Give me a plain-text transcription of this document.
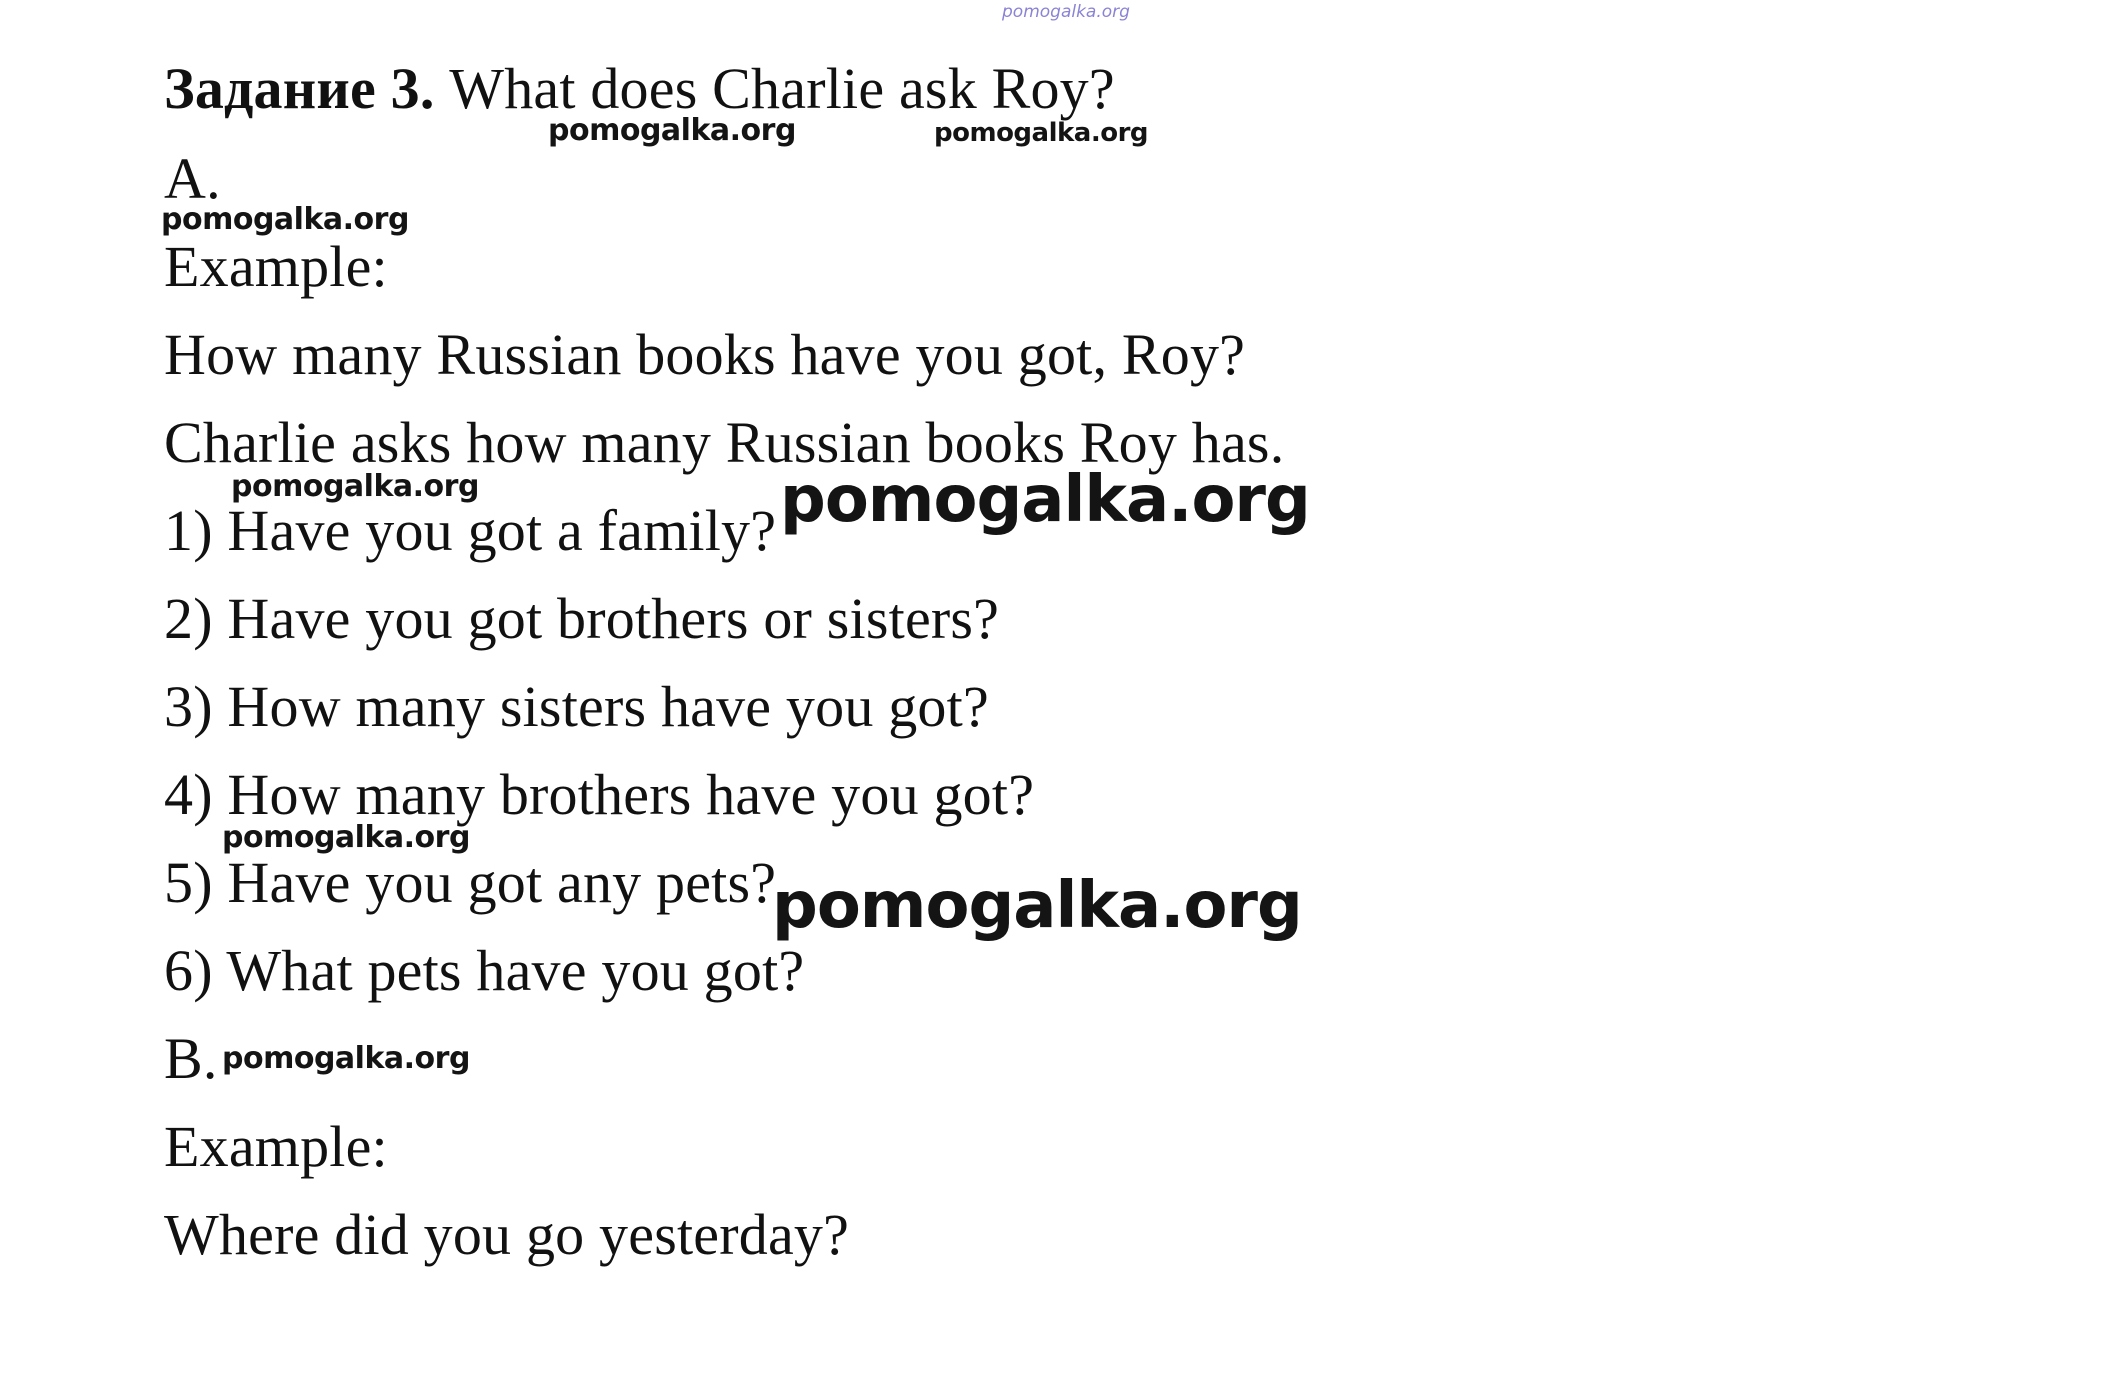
pomogalka.org
Задание 3. What does Charlie ask Roy?
pomogalka.org	pomogalka.org
A.
pomogalka.org
Example:
How many Russian books have you got, Roy?
Charlie asks how many Russian books Roy has.
pomogalka.org
1) Have you got a family? pomogalka.org
2) Have you got brothers or sisters?
3) How many sisters have you got?
4) How many brothers have you got?
pomogalka.org
5) Have you got any pets?
pomogalka.org
6) What pets have you got?
B. pomogalka.org
Example:
Where did you go yesterday?
